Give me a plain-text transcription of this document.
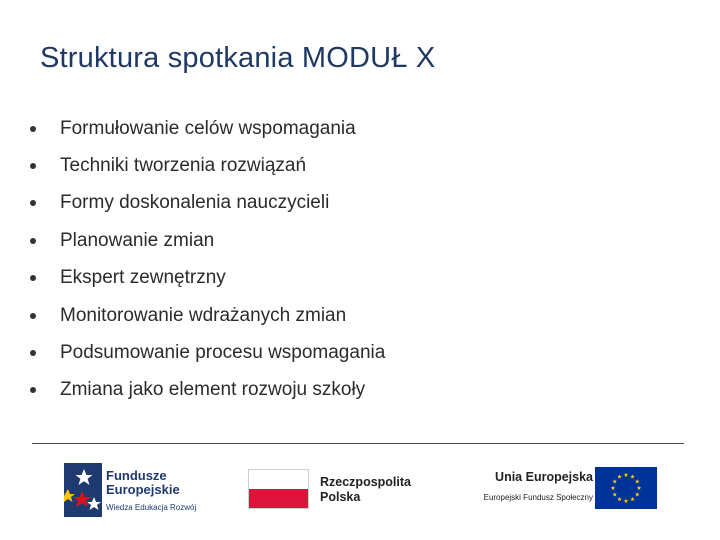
Struktura spotkania MODUŁ X
Formułowanie celów wspomagania
Techniki tworzenia rozwiązań
Formy doskonalenia nauczycieli
Planowanie zmian
Ekspert zewnętrzny
Monitorowanie wdrażanych zmian
Podsumowanie procesu wspomagania
Zmiana jako element rozwoju szkoły
Fundusze
Europejskie
Wiedza Edukacja Rozwój
Rzeczpospolita
Polska
Unia Europejska
Europejski Fundusz Społeczny
